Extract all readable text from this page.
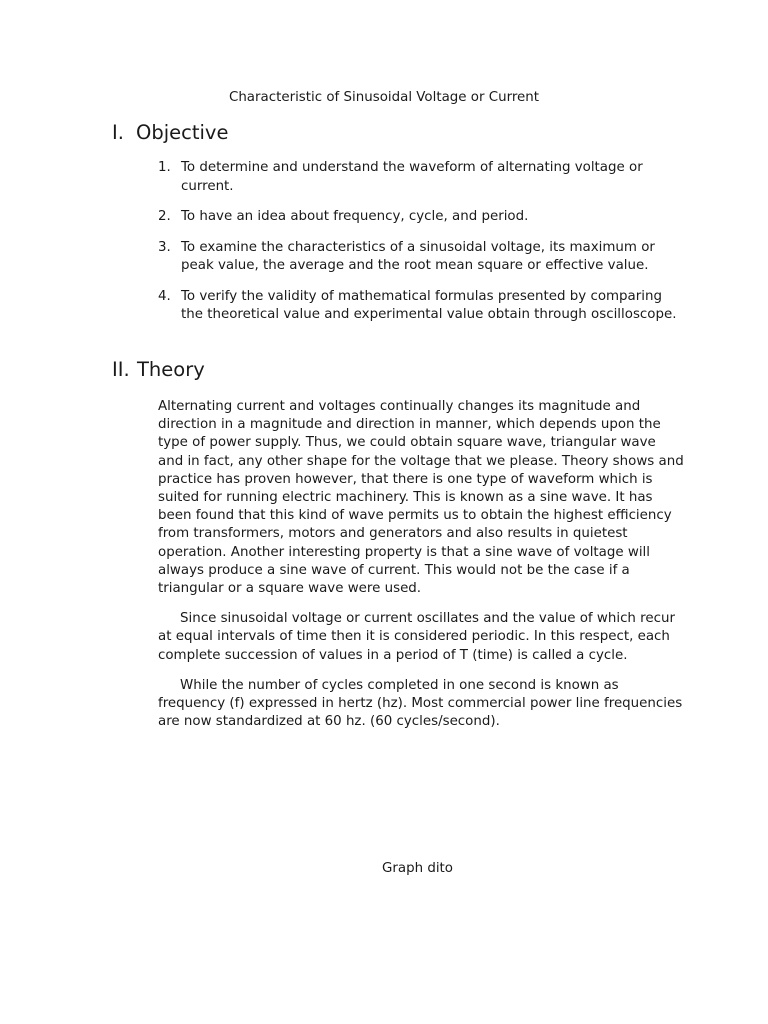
Characteristic of Sinusoidal Voltage or Current

I. Objective
1. To determine and understand the waveform of alternating voltage or current.
2. To have an idea about frequency, cycle, and period.
3. To examine the characteristics of a sinusoidal voltage, its maximum or peak value, the average and the root mean square or effective value.
4. To verify the validity of mathematical formulas presented by comparing the theoretical value and experimental value obtain through oscilloscope.
II. Theory

Alternating current and voltages continually changes its magnitude and direction in a magnitude and direction in manner, which depends upon the type of power supply. Thus, we could obtain square wave, triangular wave and in fact, any other shape for the voltage that we please. Theory shows and practice has proven however, that there is one type of waveform which is suited for running electric machinery. This is known as a sine wave. It has been found that this kind of wave permits us to obtain the highest efficiency from transformers, motors and generators and also results in quietest operation. Another interesting property is that a sine wave of voltage will always produce a sine wave of current. This would not be the case if a triangular or a square wave were used.

Since sinusoidal voltage or current oscillates and the value of which recur at equal intervals of time then it is considered periodic. In this respect, each complete succession of values in a period of T (time) is called a cycle.

While the number of cycles completed in one second is known as frequency (f) expressed in hertz (hz). Most commercial power line frequencies are now standardized at 60 hz. (60 cycles/second).

Graph dito
